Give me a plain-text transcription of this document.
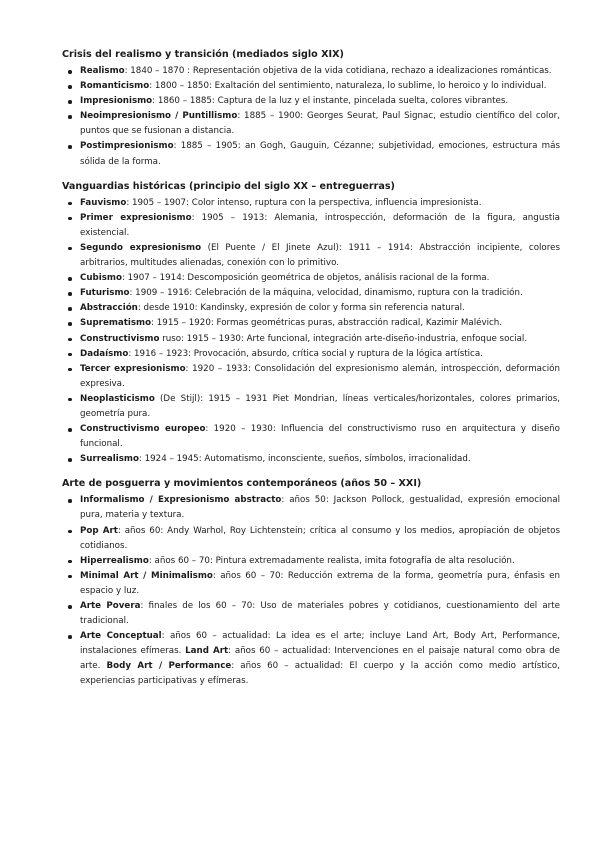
Crisis del realismo y transición (mediados siglo XIX)
Realismo: 1840 – 1870 : Representación objetiva de la vida cotidiana, rechazo a idealizaciones románticas.
Romanticismo: 1800 – 1850: Exaltación del sentimiento, naturaleza, lo sublime, lo heroico y lo individual.
Impresionismo: 1860 – 1885: Captura de la luz y el instante, pincelada suelta, colores vibrantes.
Neoimpresionismo / Puntillismo: 1885 – 1900: Georges Seurat, Paul Signac, estudio científico del color, puntos que se fusionan a distancia.
Postimpresionismo: 1885 – 1905: an Gogh, Gauguin, Cézanne; subjetividad, emociones, estructura más sólida de la forma.
Vanguardias históricas (principio del siglo XX – entreguerras)
Fauvismo: 1905 – 1907: Color intenso, ruptura con la perspectiva, influencia impresionista.
Primer expresionismo: 1905 – 1913: Alemania, introspección, deformación de la figura, angustia existencial.
Segundo expresionismo (El Puente / El Jinete Azul): 1911 – 1914: Abstracción incipiente, colores arbitrarios, multitudes alienadas, conexión con lo primitivo.
Cubismo: 1907 – 1914: Descomposición geométrica de objetos, análisis racional de la forma.
Futurismo: 1909 – 1916: Celebración de la máquina, velocidad, dinamismo, ruptura con la tradición.
Abstracción: desde 1910: Kandinsky, expresión de color y forma sin referencia natural.
Suprematismo: 1915 – 1920: Formas geométricas puras, abstracción radical, Kazimir Malévich.
Constructivismo ruso: 1915 – 1930: Arte funcional, integración arte-diseño-industria, enfoque social.
Dadaísmo: 1916 – 1923: Provocación, absurdo, crítica social y ruptura de la lógica artística.
Tercer expresionismo: 1920 – 1933: Consolidación del expresionismo alemán, introspección, deformación expresiva.
Neoplasticismo (De Stijl): 1915 – 1931 Piet Mondrian, líneas verticales/horizontales, colores primarios, geometría pura.
Constructivismo europeo: 1920 – 1930: Influencia del constructivismo ruso en arquitectura y diseño funcional.
Surrealismo: 1924 – 1945: Automatismo, inconsciente, sueños, símbolos, irracionalidad.
Arte de posguerra y movimientos contemporáneos (años 50 – XXI)
Informalismo / Expresionismo abstracto: años 50: Jackson Pollock, gestualidad, expresión emocional pura, materia y textura.
Pop Art: años 60: Andy Warhol, Roy Lichtenstein; crítica al consumo y los medios, apropiación de objetos cotidianos.
Hiperrealismo: años 60 – 70: Pintura extremadamente realista, imita fotografía de alta resolución.
Minimal Art / Minimalismo: años 60 – 70: Reducción extrema de la forma, geometría pura, énfasis en espacio y luz.
Arte Povera: finales de los 60 – 70: Uso de materiales pobres y cotidianos, cuestionamiento del arte tradicional.
Arte Conceptual: años 60 – actualidad: La idea es el arte; incluye Land Art, Body Art, Performance, instalaciones efímeras. Land Art: años 60 – actualidad: Intervenciones en el paisaje natural como obra de arte. Body Art / Performance: años 60 – actualidad: El cuerpo y la acción como medio artístico, experiencias participativas y efímeras.
